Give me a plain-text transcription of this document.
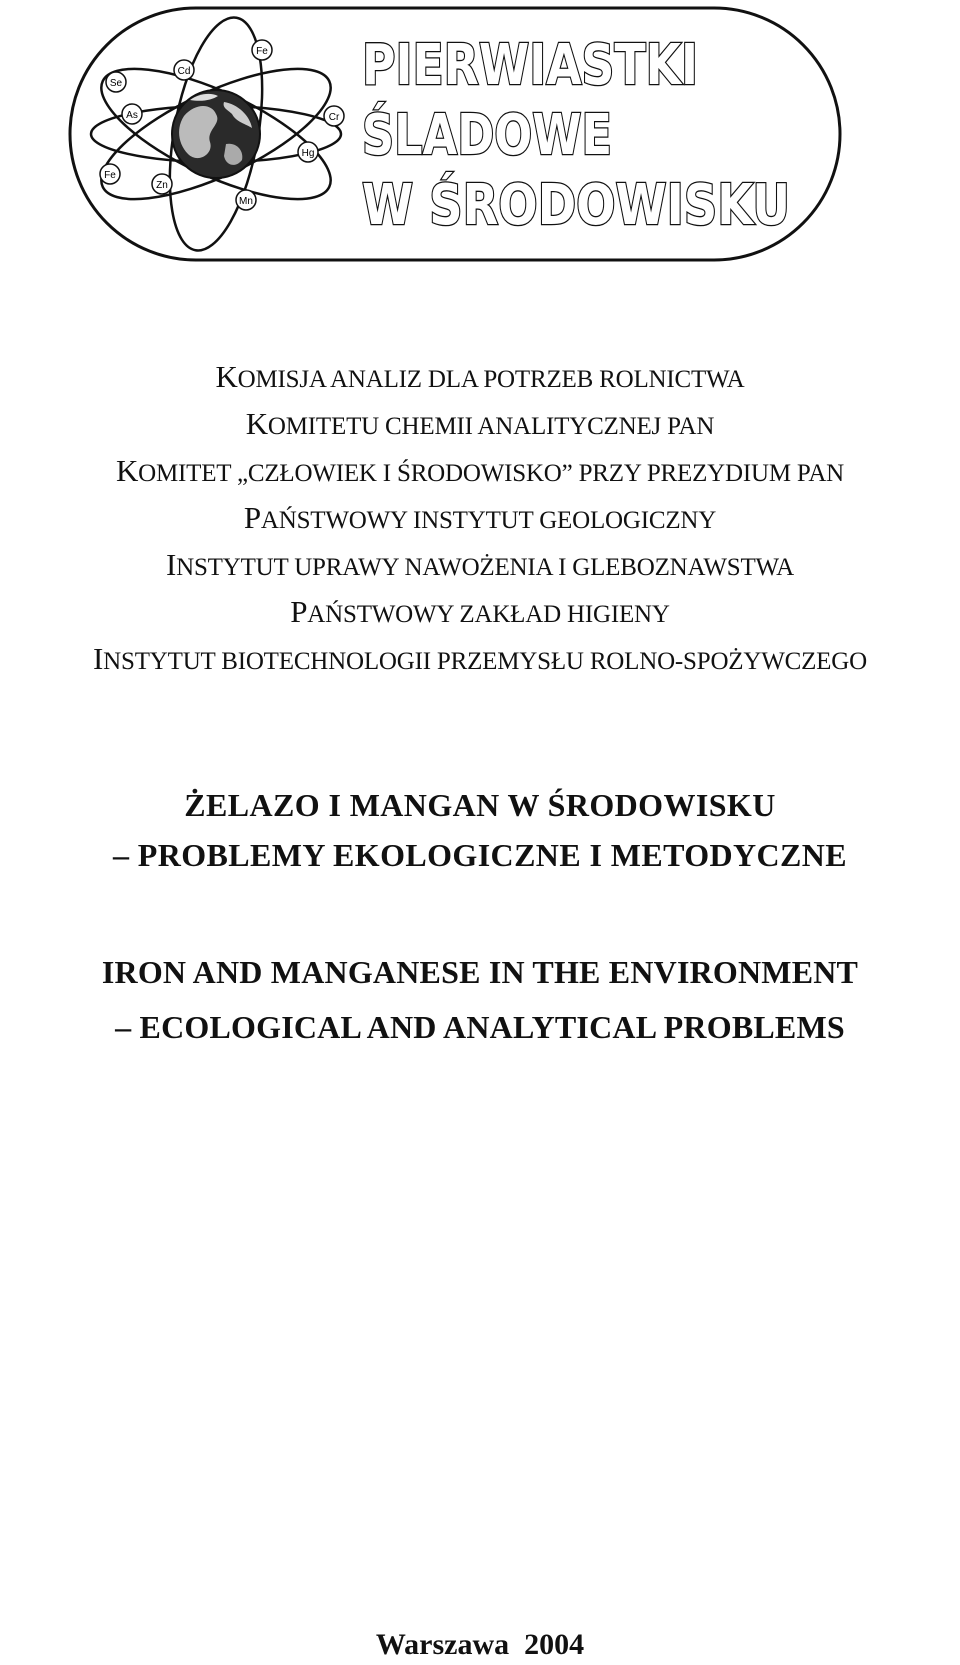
Cd
Fe
Se
As	Cr
Hg
Fe
Zn
Mn
PIERWIASTKI
ŚLADOWE
W ŚRODOWISKU
KOMISJA ANALIZ DLA POTRZEB ROLNICTWA
KOMITETU CHEMII ANALITYCZNEJ PAN
KOMITET „CZŁOWIEK I ŚRODOWISKO” PRZY PREZYDIUM PAN
PAŃSTWOWY INSTYTUT GEOLOGICZNY
INSTYTUT UPRAWY NAWOŻENIA I GLEBOZNAWSTWA
PAŃSTWOWY ZAKŁAD HIGIENY
INSTYTUT BIOTECHNOLOGII PRZEMYSŁU ROLNO-SPOŻYWCZEGO
ŻELAZO I MANGAN W ŚRODOWISKU
– PROBLEMY EKOLOGICZNE I METODYCZNE
IRON AND MANGANESE IN THE ENVIRONMENT
– ECOLOGICAL AND ANALYTICAL PROBLEMS
Warszawa  2004
